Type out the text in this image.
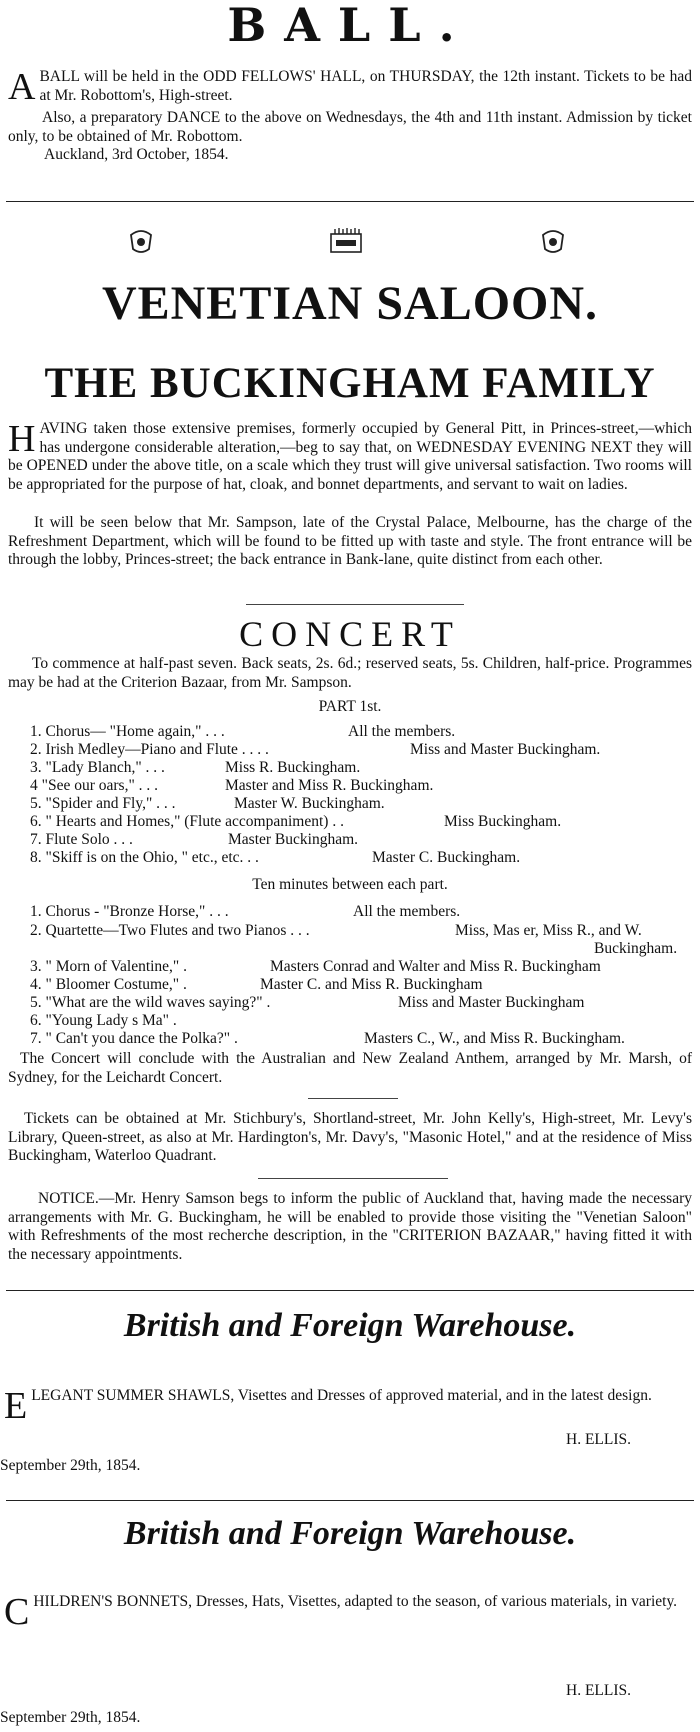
BALL.

ABALL will be held in the ODD FELLOWS' HALL, on THURSDAY, the 12th instant. Tickets to be had at Mr. Robottom's, High-street.

Also, a preparatory DANCE to the above on Wednesdays, the 4th and 11th instant. Admission by ticket only, to be obtained of Mr. Robottom.

Auckland, 3rd October, 1854.

VENETIAN SALOON.
THE BUCKINGHAM FAMILY

HAVING taken those extensive premises, formerly occupied by General Pitt, in Princes-street,—which has undergone considerable alteration,—beg to say that, on WEDNESDAY EVENING NEXT they will be OPENED under the above title, on a scale which they trust will give universal satisfaction. Two rooms will be appropriated for the purpose of hat, cloak, and bonnet departments, and servant to wait on ladies.

It will be seen below that Mr. Sampson, late of the Crystal Palace, Melbourne, has the charge of the Refreshment Department, which will be found to be fitted up with taste and style. The front entrance will be through the lobby, Princes-street; the back entrance in Bank-lane, quite distinct from each other.

CONCERT

To commence at half-past seven. Back seats, 2s. 6d.; reserved seats, 5s. Children, half-price. Programmes may be had at the Criterion Bazaar, from Mr. Sampson.

PART 1st.
1. Chorus— "Home again," . . .	All the members.
2. Irish Medley—Piano and Flute . . . .	Miss and Master Buckingham.
3. "Lady Blanch," . . .	Miss R. Buckingham.
4 "See our oars," . . .	Master and Miss R. Buckingham.
5. "Spider and Fly," . . .	Master W. Buckingham.
6. " Hearts and Homes," (Flute accompaniment) . .	Miss Buckingham.
7. Flute Solo . . .	Master Buckingham.
8. "Skiff is on the Ohio, " etc., etc. . .	Master C. Buckingham.
Ten minutes between each part.
1. Chorus - "Bronze Horse," . . .	All the members.
2. Quartette—Two Flutes and two Pianos . . .	Miss, Mas er, Miss R., and W.
Buckingham.
3. " Morn of Valentine," .	Masters Conrad and Walter and Miss R. Buckingham
4. " Bloomer Costume," .	Master C. and Miss R. Buckingham
5. "What are the wild waves saying?" .	Miss and Master Buckingham
6. "Young Lady s Ma" .
7. " Can't you dance the Polka?" .	Masters C., W., and Miss R. Buckingham.

The Concert will conclude with the Australian and New Zealand Anthem, arranged by Mr. Marsh, of Sydney, for the Leichardt Concert.

Tickets can be obtained at Mr. Stichbury's, Shortland-street, Mr. John Kelly's, High-street, Mr. Levy's Library, Queen-street, as also at Mr. Hardington's, Mr. Davy's, "Masonic Hotel," and at the residence of Miss Buckingham, Waterloo Quadrant.

NOTICE.—Mr. Henry Samson begs to inform the public of Auckland that, having made the necessary arrangements with Mr. G. Buckingham, he will be enabled to provide those visiting the "Venetian Saloon" with Refreshments of the most recherche description, in the "CRITERION BAZAAR," having fitted it with the necessary appointments.

British and Foreign Warehouse.

ELEGANT SUMMER SHAWLS, Visettes and Dresses of approved material, and in the latest design.

H. ELLIS.
September 29th, 1854.
British and Foreign Warehouse.

CHILDREN'S BONNETS, Dresses, Hats, Visettes, adapted to the season, of various materials, in variety.

H. ELLIS.
September 29th, 1854.
